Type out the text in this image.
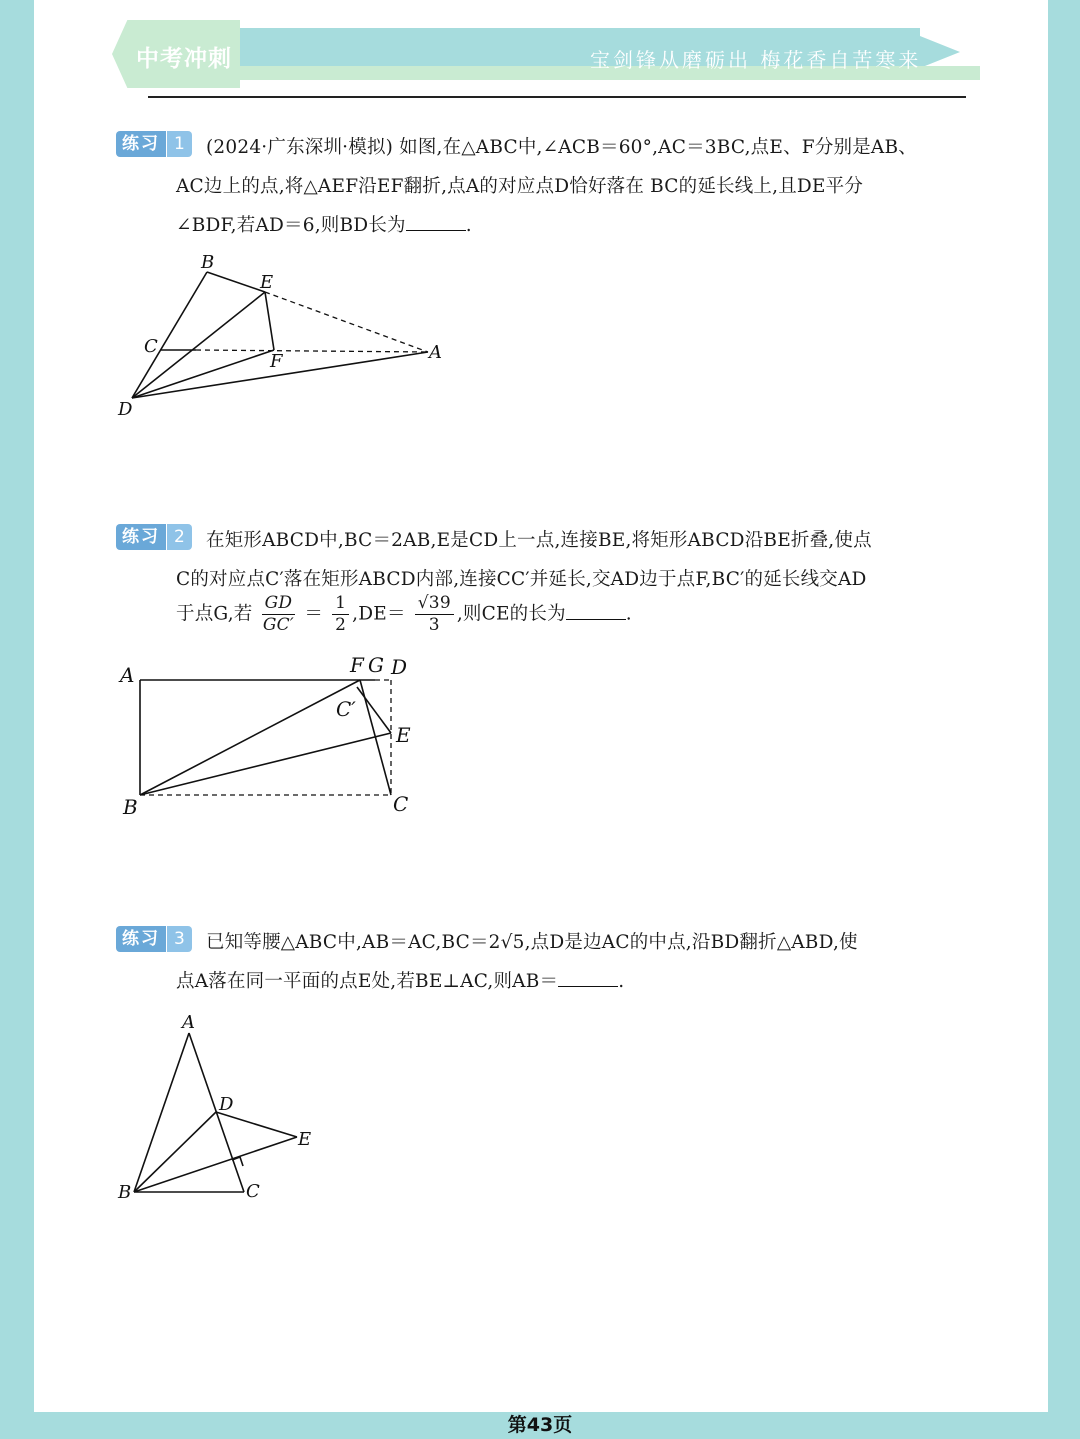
中考冲刺	宝剑锋从磨砺出 梅花香自苦寒来
练习 1	(2024·广东深圳·模拟) 如图,在△ABC中,∠ACB＝60°,AC＝3BC,点E、F分别是AB、
AC边上的点,将△AEF沿EF翻折,点A的对应点D恰好落在 BC的延长线上,且DE平分
∠BDF,若AD＝6,则BD长为	.
B
E
C
F	A
D
练习 2	在矩形ABCD中,BC＝2AB,E是CD上一点,连接BE,将矩形ABCD沿BE折叠,使点
C的对应点C′落在矩形ABCD内部,连接CC′并延长,交AD边于点F,BC′的延长线交AD
于点G,若 $\frac{GD}{GC'} = \frac{1}{2} ,DE= \frac{√39}{3}$ ,则CE的长为	.
A	F G D
C′
E
B	C
练习 3	已知等腰△ABC中,AB＝AC,BC＝2√5,点D是边AC的中点,沿BD翻折△ABD,使
点A落在同一平面的点E处,若BE⊥AC,则AB＝	.
A
D
E
B	C
第43页
